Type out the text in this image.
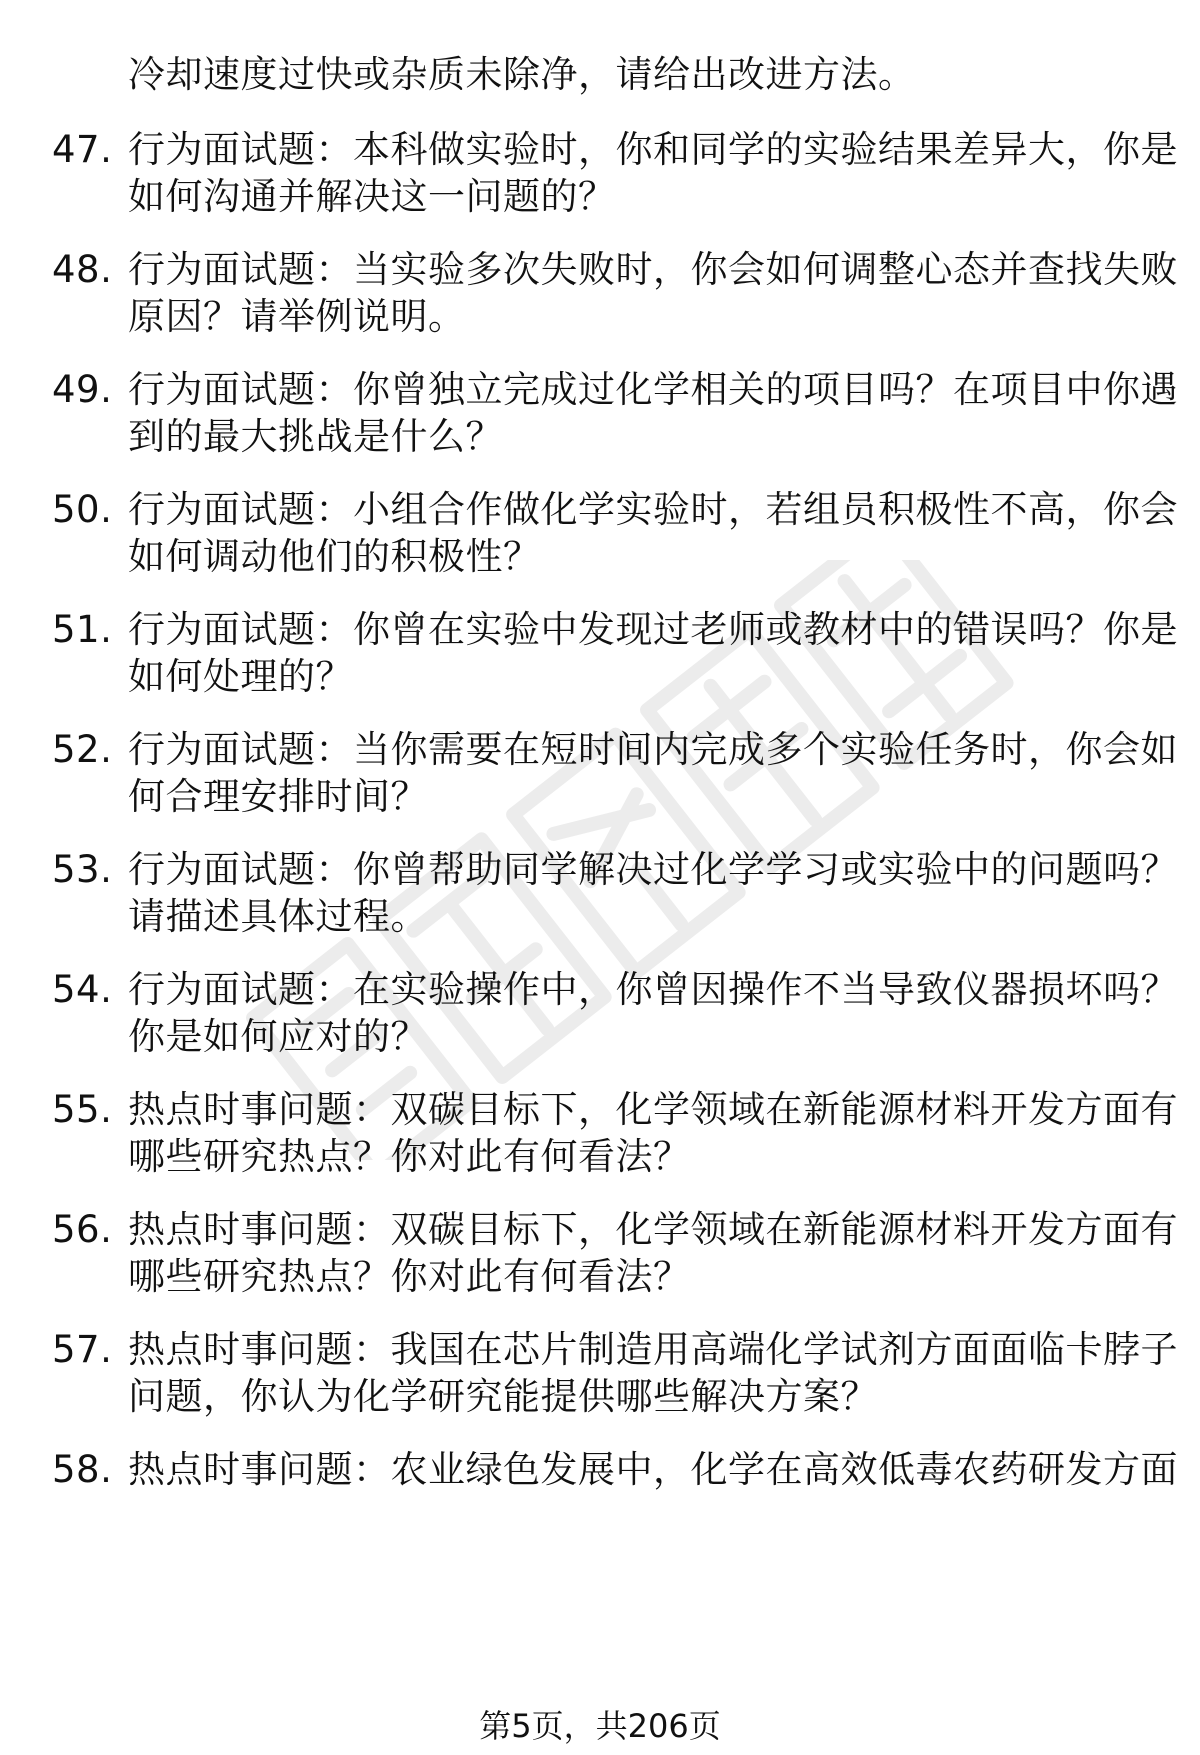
冷却速度过快或杂质未除净，请给出改进方法。
47. 行为面试题：本科做实验时，你和同学的实验结果差异大，你是
如何沟通并解决这一问题的？
48. 行为面试题：当实验多次失败时，你会如何调整心态并查找失败
原因？请举例说明。
49. 行为面试题：你曾独立完成过化学相关的项目吗？在项目中你遇
到的最大挑战是什么？
50. 行为面试题：小组合作做化学实验时，若组员积极性不高，你会
如何调动他们的积极性？
51. 行为面试题：你曾在实验中发现过老师或教材中的错误吗？你是
如何处理的？
52. 行为面试题：当你需要在短时间内完成多个实验任务时，你会如
何合理安排时间？
53. 行为面试题：你曾帮助同学解决过化学学习或实验中的问题吗？
请描述具体过程。
54. 行为面试题：在实验操作中，你曾因操作不当导致仪器损坏吗？
你是如何应对的？
55. 热点时事问题：双碳目标下，化学领域在新能源材料开发方面有
哪些研究热点？你对此有何看法？
56. 热点时事问题：双碳目标下，化学领域在新能源材料开发方面有
哪些研究热点？你对此有何看法？
57. 热点时事问题：我国在芯片制造用高端化学试剂方面面临卡脖子
问题，你认为化学研究能提供哪些解决方案？
58. 热点时事问题：农业绿色发展中，化学在高效低毒农药研发方面
第5页，共206页
